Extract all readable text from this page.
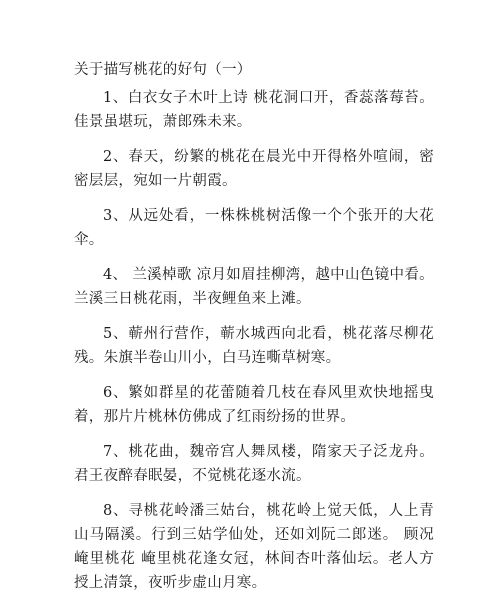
关于描写桃花的好句（一）

1、白衣女子木叶上诗 桃花洞口开，香蕊落莓苔。佳景虽堪玩，萧郎殊未来。

2、春天，纷繁的桃花在晨光中开得格外喧闹，密密层层，宛如一片朝霞。

3、从远处看，一株株桃树活像一个个张开的大花伞。

4、 兰溪棹歌 凉月如眉挂柳湾，越中山色镜中看。兰溪三日桃花雨，半夜鲤鱼来上滩。

5、蕲州行营作，蕲水城西向北看，桃花落尽柳花残。朱旗半卷山川小，白马连嘶草树寒。

6、繁如群星的花蕾随着几枝在春风里欢快地摇曳着，那片片桃林仿佛成了红雨纷扬的世界。

7、桃花曲，魏帝宫人舞凤楼，隋家天子泛龙舟。君王夜醉春眠晏，不觉桃花逐水流。

8、寻桃花岭潘三姑台，桃花岭上觉天低，人上青山马隔溪。行到三姑学仙处，还如刘阮二郎迷。 顾况 崦里桃花 崦里桃花逢女冠，林间杏叶落仙坛。老人方授上清箓，夜听步虚山月寒。
